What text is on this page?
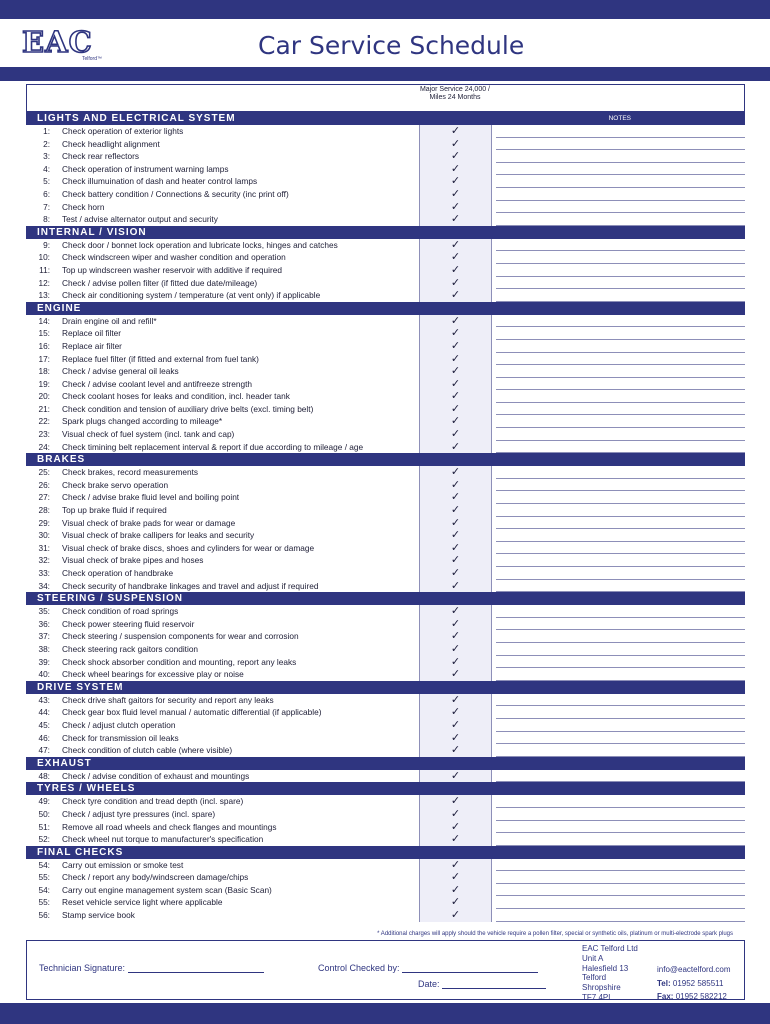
EAC
Telford™	Car Service Schedule
Major Service 24,000 /
Miles 24 Months
LIGHTS AND ELECTRICAL SYSTEM	NOTES
1: Check operation of exterior lights	✓
2: Check headlight alignment	✓
3: Check rear reflectors	✓
4: Check operation of instrument warning lamps	✓
5: Check illumuination of dash and heater control lamps	✓
6: Check battery condition / Connections & security (inc print off)	✓
7: Check horn	✓
8: Test / advise alternator output and security	✓
INTERNAL / VISION
9: Check door / bonnet lock operation and lubricate locks, hinges and catches	✓
10: Check windscreen wiper and washer condition and operation	✓
11: Top up windscreen washer reservoir with additive if required	✓
12: Check / advise pollen filter (if fitted due date/mileage)	✓
13: Check air conditioning system / temperature (at vent only) if applicable	✓
ENGINE
14: Drain engine oil and refill*	✓
15: Replace oil filter	✓
16: Replace air filter	✓
17: Replace fuel filter (if fitted and external from fuel tank)	✓
18: Check / advise general oil leaks	✓
19: Check / advise coolant level and antifreeze strength	✓
20: Check coolant hoses for leaks and condition, incl. header tank	✓
21: Check condition and tension of auxiliary drive belts (excl. timing belt)	✓
22: Spark plugs changed according to mileage*	✓
23: Visual check of fuel system (incl. tank and cap)	✓
24: Check timining belt replacement interval & report if due according to mileage / age	✓
BRAKES
25: Check brakes, record measurements	✓
26: Check brake servo operation	✓
27: Check / advise brake fluid level and boiling point	✓
28: Top up brake fluid if required	✓
29: Visual check of brake pads for wear or damage	✓
30: Visual check of brake callipers for leaks and security	✓
31: Visual check of brake discs, shoes and cylinders for wear or damage	✓
32: Visual check of brake pipes and hoses	✓
33: Check operation of handbrake	✓
34: Check security of handbrake linkages and travel and adjust if required	✓
STEERING / SUSPENSION
35: Check condition of road springs	✓
36: Check power steering fluid reservoir	✓
37: Check steering / suspension components for wear and corrosion	✓
38: Check steering rack gaitors condition	✓
39: Check shock absorber condition and mounting, report any leaks	✓
40: Check wheel bearings for excessive play or noise	✓
DRIVE SYSTEM
43: Check drive shaft gaitors for security and report any leaks	✓
44: Check gear box fluid level manual / automatic differential (if applicable)	✓
45: Check / adjust clutch operation	✓
46: Check for transmission oil leaks	✓
47: Check condition of clutch cable (where visible)	✓
EXHAUST
48: Check / advise condition of exhaust and mountings	✓
TYRES / WHEELS
49: Check tyre condition and tread depth (incl. spare)	✓
50: Check / adjust tyre pressures (incl. spare)	✓
51: Remove all road wheels and check flanges and mountings	✓
52: Check wheel nut torque to manufacturer's specification	✓
FINAL CHECKS
54: Carry out emission or smoke test	✓
55: Check / report any body/windscreen damage/chips	✓
54: Carry out engine management system scan (Basic Scan)	✓
55: Reset vehicle service light where applicable	✓
56: Stamp service book	✓
* Additional charges will apply should the vehicle require a pollen filter, special or synthetic oils, platinum or multi-electrode spark plugs
Technician Signature:	Control Checked by:
Date:
EAC Telford Ltd
Unit A
Halesfield 13
Telford
Shropshire
TF7 4PL
info@eactelford.com
Tel: 01952 585511
Fax: 01952 582212
